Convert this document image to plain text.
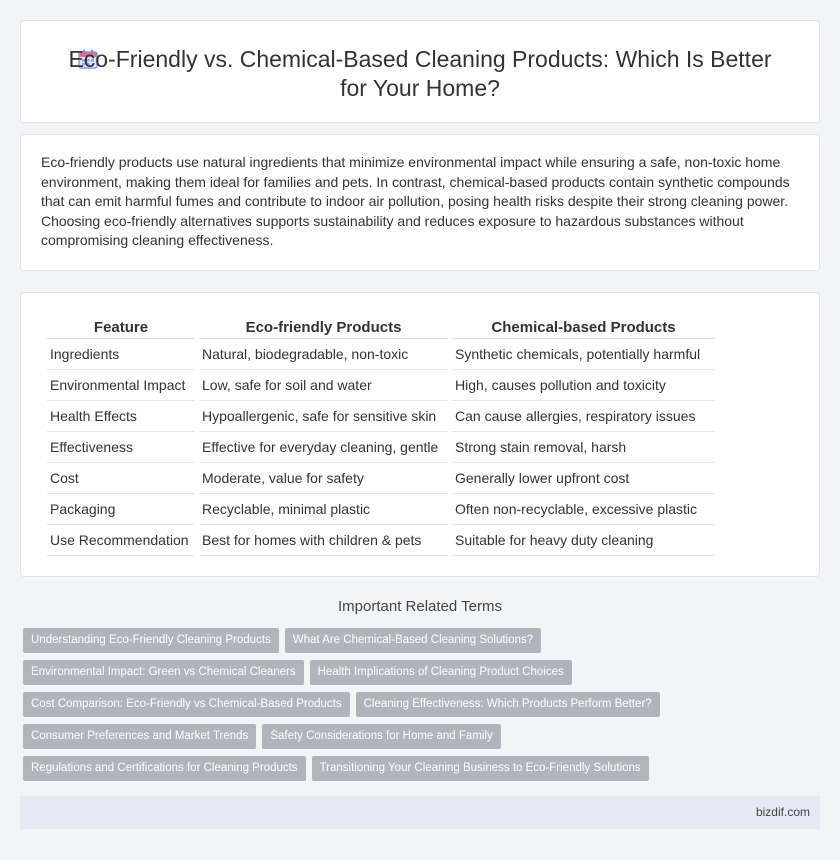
Eco-Friendly vs. Chemical-Based Cleaning Products: Which Is Better for Your Home?

Eco-friendly products use natural ingredients that minimize environmental impact while ensuring a safe, non-toxic home environment, making them ideal for families and pets. In contrast, chemical-based products contain synthetic compounds that can emit harmful fumes and contribute to indoor air pollution, posing health risks despite their strong cleaning power. Choosing eco-friendly alternatives supports sustainability and reduces exposure to hazardous substances without compromising cleaning effectiveness.

Feature	Eco-friendly Products	Chemical-based Products
Ingredients	Natural, biodegradable, non-toxic	Synthetic chemicals, potentially harmful
Environmental Impact	Low, safe for soil and water	High, causes pollution and toxicity
Health Effects	Hypoallergenic, safe for sensitive skin	Can cause allergies, respiratory issues
Effectiveness	Effective for everyday cleaning, gentle	Strong stain removal, harsh
Cost	Moderate, value for safety	Generally lower upfront cost
Packaging	Recyclable, minimal plastic	Often non-recyclable, excessive plastic
Use Recommendation	Best for homes with children & pets	Suitable for heavy duty cleaning
Important Related Terms
Understanding Eco-Friendly Cleaning Products What Are Chemical-Based Cleaning Solutions?
Environmental Impact: Green vs Chemical Cleaners Health Implications of Cleaning Product Choices
Cost Comparison: Eco-Friendly vs Chemical-Based Products Cleaning Effectiveness: Which Products Perform Better?
Consumer Preferences and Market Trends Safety Considerations for Home and Family
Regulations and Certifications for Cleaning Products Transitioning Your Cleaning Business to Eco-Friendly Solutions
bizdif.com
